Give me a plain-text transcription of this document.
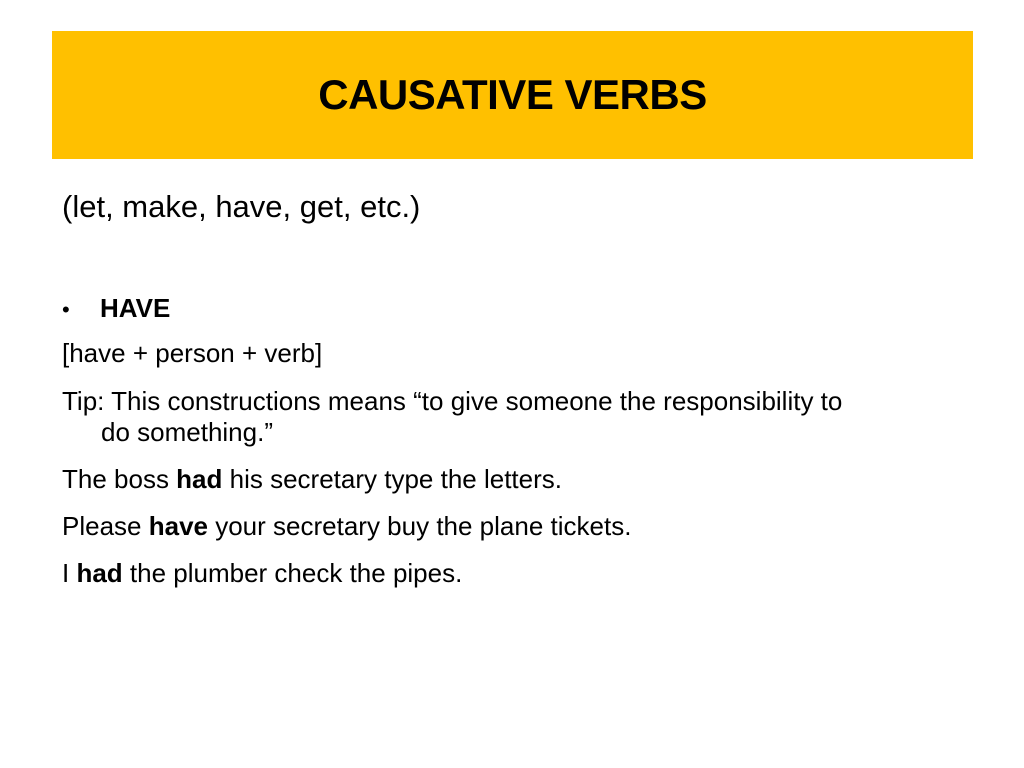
CAUSATIVE VERBS
(let, make, have, get, etc.)
•	HAVE
[have + person + verb]
Tip: This constructions means “to give someone the responsibility to do something.”
The boss had his secretary type the letters.
Please have your secretary buy the plane tickets.
I had the plumber check the pipes.
